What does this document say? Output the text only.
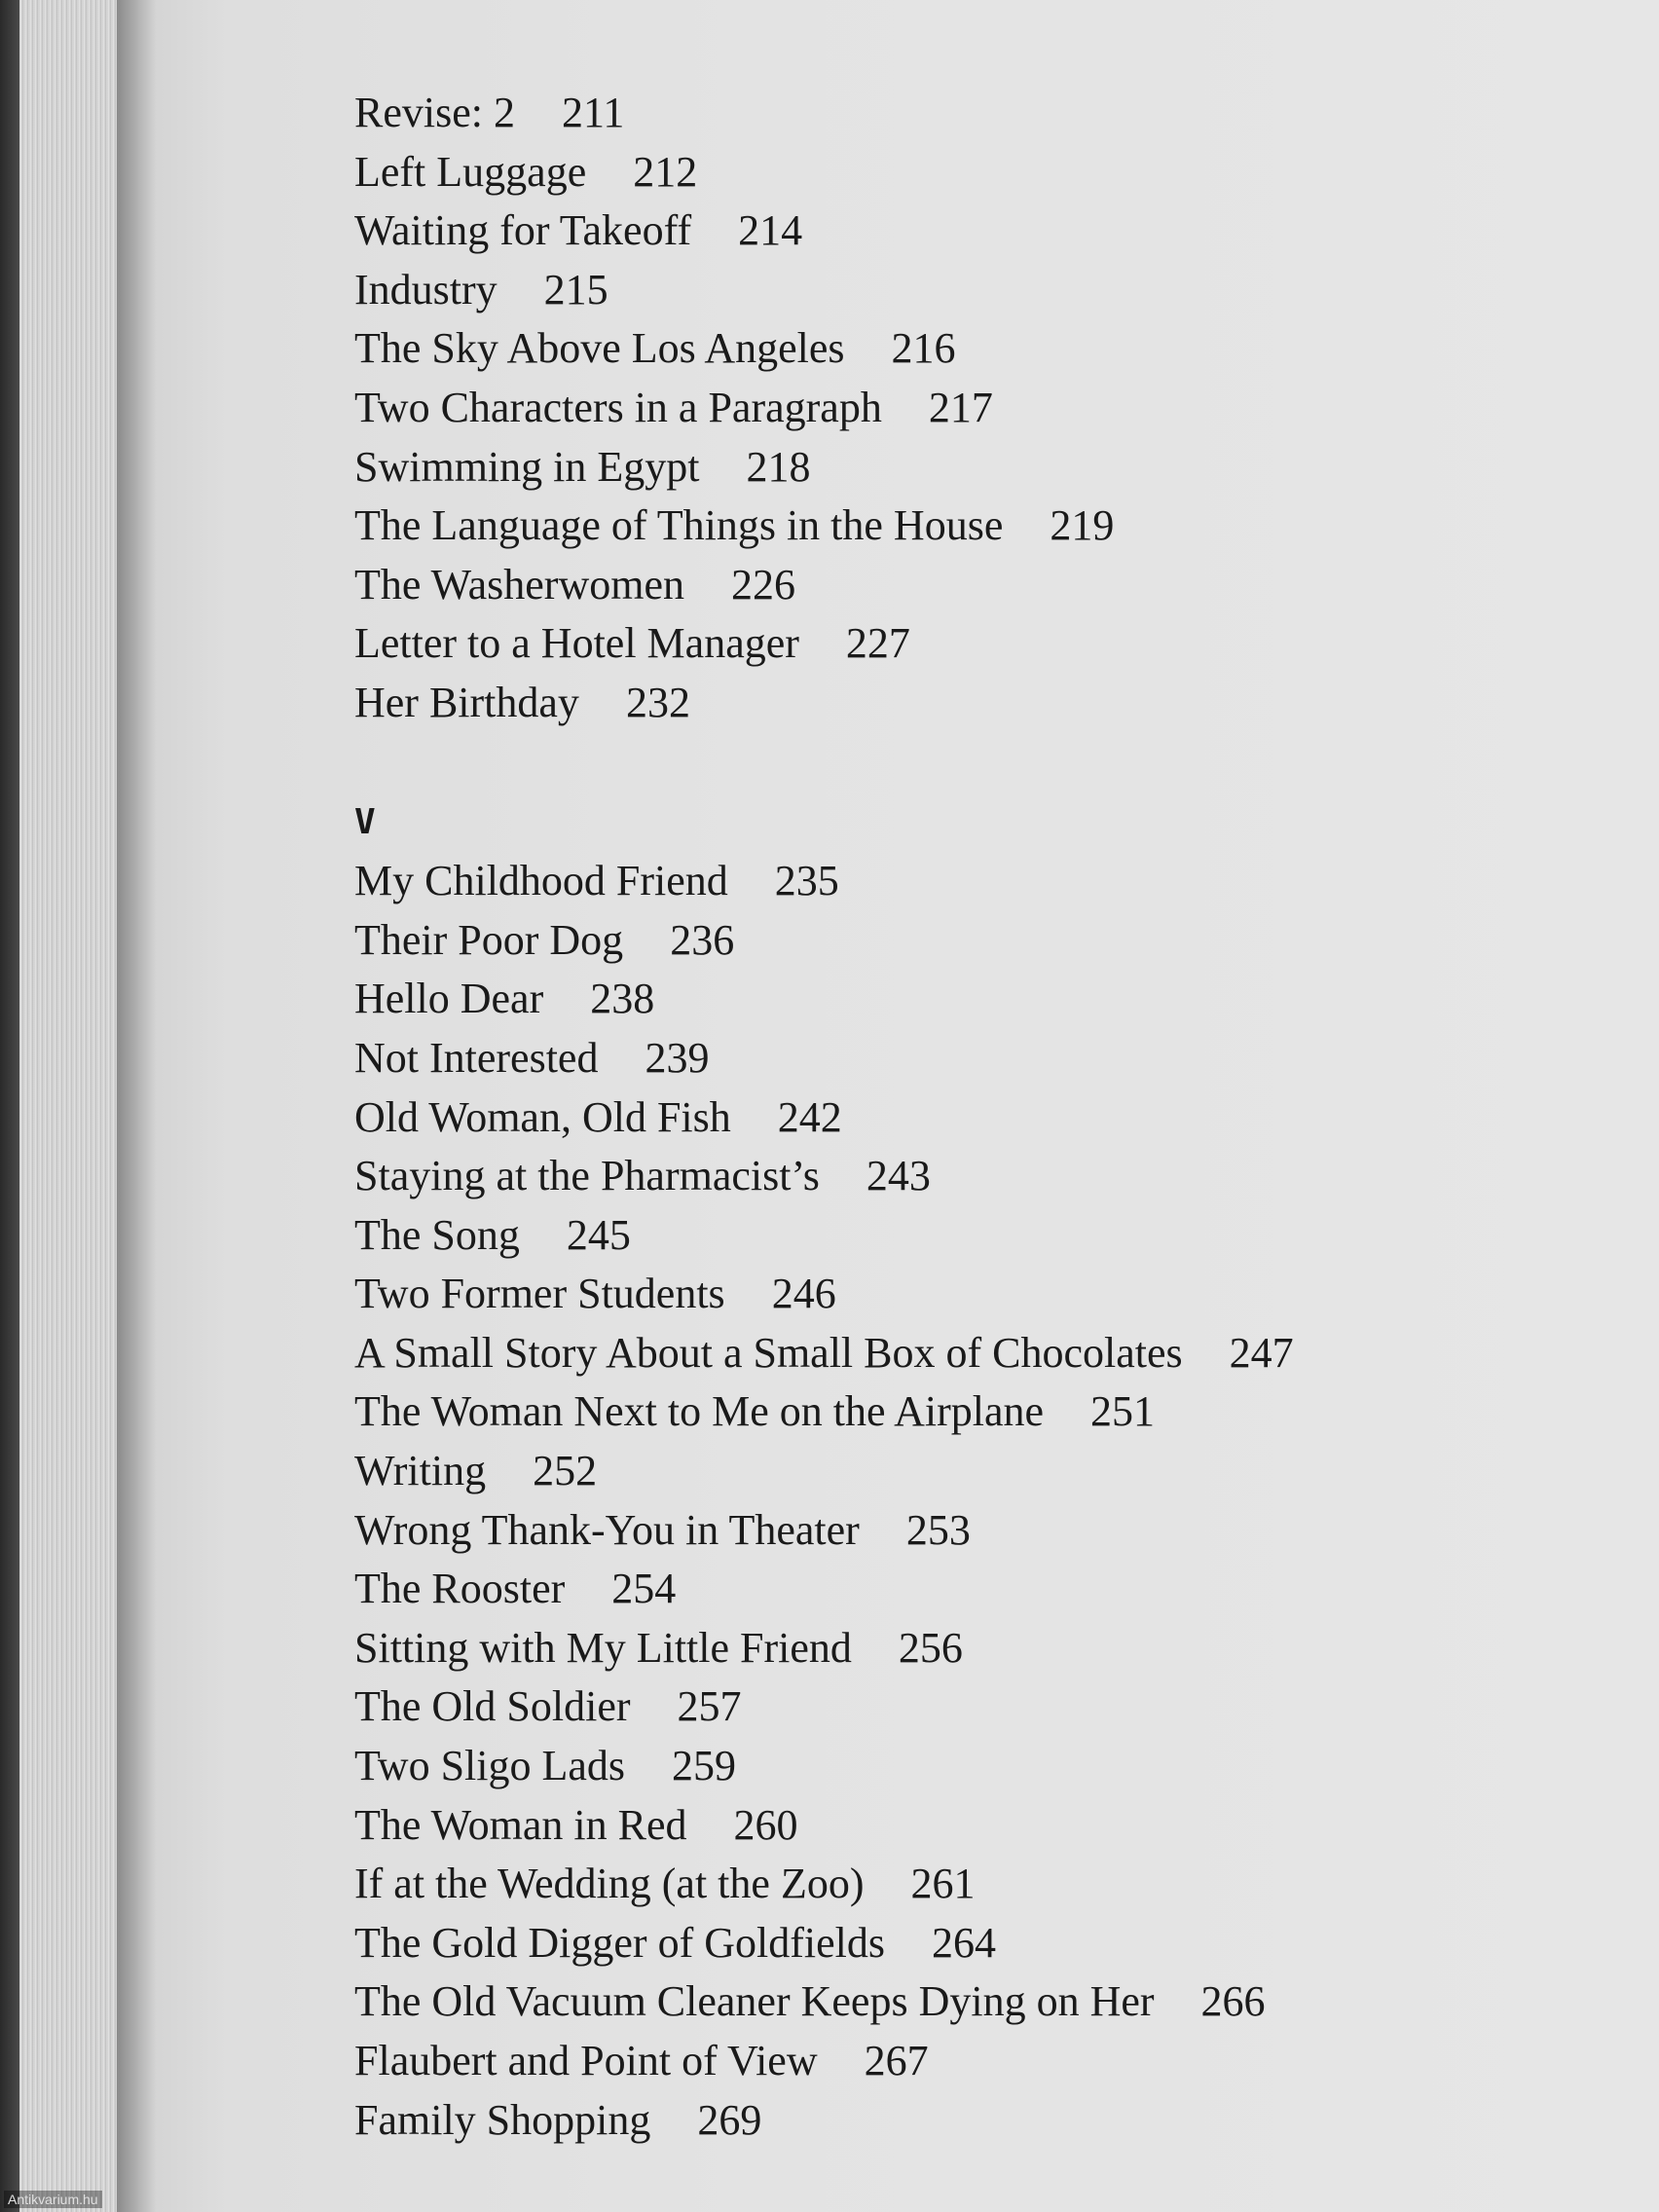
Revise: 2 211
Left Luggage 212
Waiting for Takeoff 214
Industry 215
The Sky Above Los Angeles 216
Two Characters in a Paragraph 217
Swimming in Egypt 218
The Language of Things in the House 219
The Washerwomen 226
Letter to a Hotel Manager 227
Her Birthday 232
V
My Childhood Friend 235
Their Poor Dog 236
Hello Dear 238
Not Interested 239
Old Woman, Old Fish 242
Staying at the Pharmacist’s 243
The Song 245
Two Former Students 246
A Small Story About a Small Box of Chocolates 247
The Woman Next to Me on the Airplane 251
Writing 252
Wrong Thank-You in Theater 253
The Rooster 254
Sitting with My Little Friend 256
The Old Soldier 257
Two Sligo Lads 259
The Woman in Red 260
If at the Wedding (at the Zoo) 261
The Gold Digger of Goldfields 264
The Old Vacuum Cleaner Keeps Dying on Her 266
Flaubert and Point of View 267
Family Shopping 269
Antikvarium.hu
